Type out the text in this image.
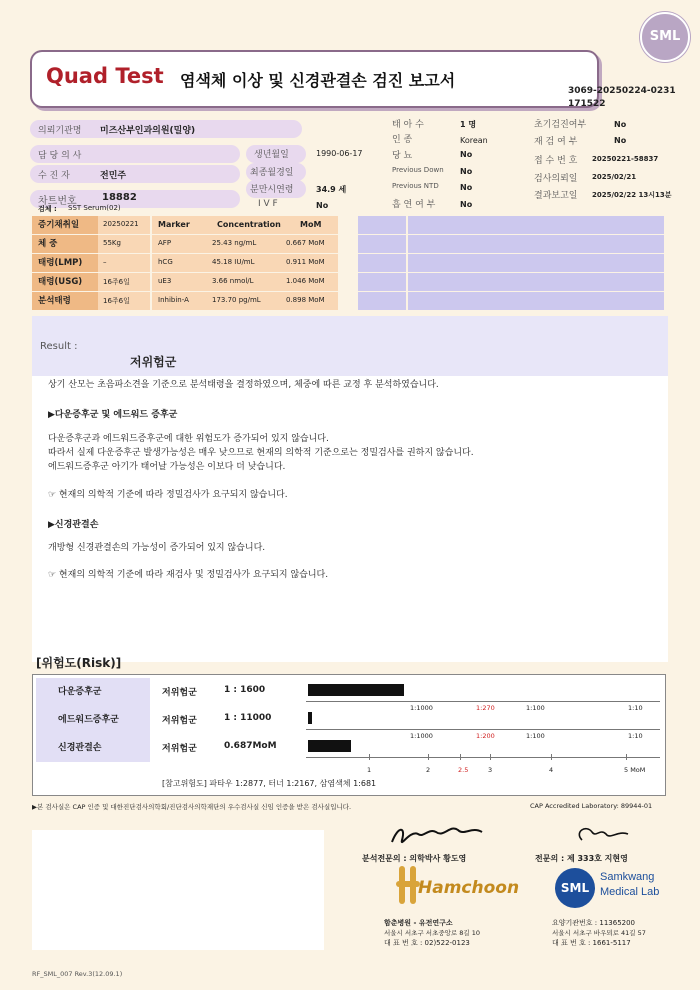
SML
Quad Test 염색체 이상 및 신경관결손 검진 보고서
3069-20250224-0231
171522
의뢰기관명 미즈산부인과의원(밀양)
담 당 의 사
수 진 자	전민주
차트번호	18882
검체 : SST Serum(02)
생년월일	1990-06-17
최종월경일
분만시연령	34.9 세
I V F	No
태 아 수	1 명
인 종	Korean
당 뇨	No
Previous Down No
Previous NTD	No
흡 연 여 부	No
초기검진여부	No
재 검 여 부	No
접 수 번 호 20250221-58837
검사의뢰일 2025/02/21
결과보고일 2025/02/22 13시13분
증기채취일	20250221 Marker	Concentration MoM
체 중	55Kg	AFP	25.43 ng/mL	0.667 MoM
태령(LMP)	–	hCG	45.18 IU/mL	0.911 MoM
태령(USG)	16주6일	uE3	3.66 nmol/L	1.046 MoM
분석태령	16주6일	Inhibin-A	173.70 pg/mL	0.898 MoM
Result :
저위험군
상기 산모는 초음파소견을 기준으로 분석태령을 결정하였으며, 체중에 따른 교정 후 분석하였습니다.
▶다운증후군 및 에드워드 증후군
다운증후군과 에드워드증후군에 대한 위험도가 증가되어 있지 않습니다.
따라서 실제 다운증후군 발생가능성은 매우 낮으므로 현재의 의학적 기준으로는 정밀검사를 권하지 않습니다.
에드워드증후군 아기가 태어날 가능성은 이보다 더 낮습니다.
☞ 현재의 의학적 기준에 따라 정밀검사가 요구되지 않습니다.
▶신경관결손
개방형 신경관결손의 가능성이 증가되어 있지 않습니다.
☞ 현재의 의학적 기준에 따라 재검사 및 정밀검사가 요구되지 않습니다.
[위험도(Risk)]
다운증후군	저위험군	1 : 1600
에드워드증후군	저위험군	1 : 11000
신경관결손	저위험군	0.687MoM
1:1000	1:270	1:100	1:10
1:1000	1:200	1:100	1:10
1	2	2.5	3	4	5 MoM
[참고위험도] 파타우 1:2877, 터너 1:2167, 삼염색체 1:681
▶본 검사실은 CAP 인증 및 대한진단검사의학회/진단검사의학재단의 우수검사실 신임 인증을 받은 검사실입니다.	CAP Accredited Laboratory: 89944-01
분석전문의 : 의학박사 황도영	전문의 : 제 333호 지현영
Hamchoon	SML
Samkwang
Medical Lab
함춘병원 - 유전연구소
서울시 서초구 서초중앙로 8길 10
대 표 번 호 : 02)522-0123
요양기관번호 : 11365200
서울시 서초구 바우뫼로 41길 57
대 표 번 호 : 1661-5117
RF_SML_007 Rev.3(12.09.1)
